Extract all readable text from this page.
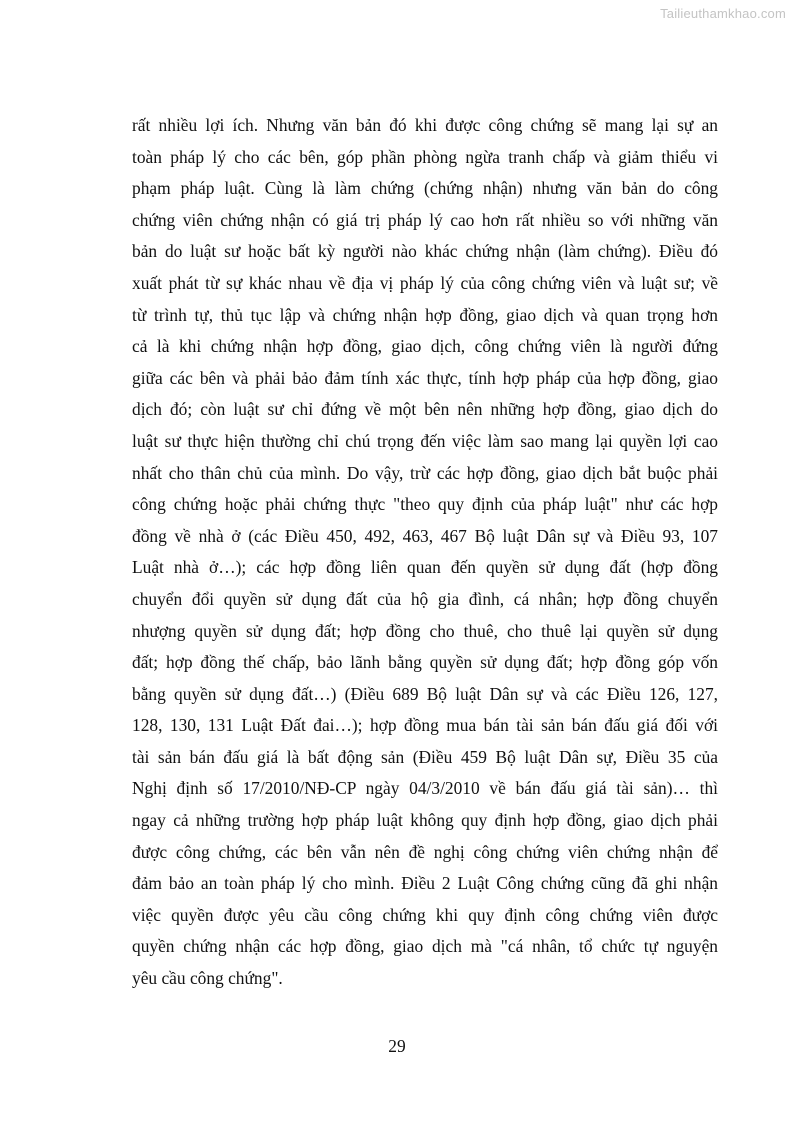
Tailieuthamkhao.com
rất nhiều lợi ích. Nhưng văn bản đó khi được công chứng sẽ mang lại sự an
toàn pháp lý cho các bên, góp phần phòng ngừa tranh chấp và giảm thiểu vi
phạm pháp luật. Cùng là làm chứng (chứng nhận) nhưng văn bản do công
chứng viên chứng nhận có giá trị pháp lý cao hơn rất nhiều so với những văn
bản do luật sư hoặc bất kỳ người nào khác chứng nhận (làm chứng). Điều đó
xuất phát từ sự khác nhau về địa vị pháp lý của công chứng viên và luật sư; về
từ trình tự, thủ tục lập và chứng nhận hợp đồng, giao dịch và quan trọng hơn
cả là khi chứng nhận hợp đồng, giao dịch, công chứng viên là người đứng
giữa các bên và phải bảo đảm tính xác thực, tính hợp pháp của hợp đồng, giao
dịch đó; còn luật sư chỉ đứng về một bên nên những hợp đồng, giao dịch do
luật sư thực hiện thường chỉ chú trọng đến việc làm sao mang lại quyền lợi cao
nhất cho thân chủ của mình. Do vậy, trừ các hợp đồng, giao dịch bắt buộc phải
công chứng hoặc phải chứng thực "theo quy định của pháp luật" như các hợp
đồng về nhà ở (các Điều 450, 492, 463, 467 Bộ luật Dân sự và Điều 93, 107
Luật nhà ở…); các hợp đồng liên quan đến quyền sử dụng đất (hợp đồng
chuyển đổi quyền sử dụng đất của hộ gia đình, cá nhân; hợp đồng chuyển
nhượng quyền sử dụng đất; hợp đồng cho thuê, cho thuê lại quyền sử dụng
đất; hợp đồng thế chấp, bảo lãnh bằng quyền sử dụng đất; hợp đồng góp vốn
bằng quyền sử dụng đất…) (Điều 689 Bộ luật Dân sự và các Điều 126, 127,
128, 130, 131 Luật Đất đai…); hợp đồng mua bán tài sản bán đấu giá đối với
tài sản bán đấu giá là bất động sản (Điều 459 Bộ luật Dân sự, Điều 35 của
Nghị định số 17/2010/NĐ-CP ngày 04/3/2010 về bán đấu giá tài sản)… thì
ngay cả những trường hợp pháp luật không quy định hợp đồng, giao dịch phải
được công chứng, các bên vẫn nên đề nghị công chứng viên chứng nhận để
đảm bảo an toàn pháp lý cho mình. Điều 2 Luật Công chứng cũng đã ghi nhận
việc quyền được yêu cầu công chứng khi quy định công chứng viên được
quyền chứng nhận các hợp đồng, giao dịch mà "cá nhân, tổ chức tự nguyện
yêu cầu công chứng".
29
